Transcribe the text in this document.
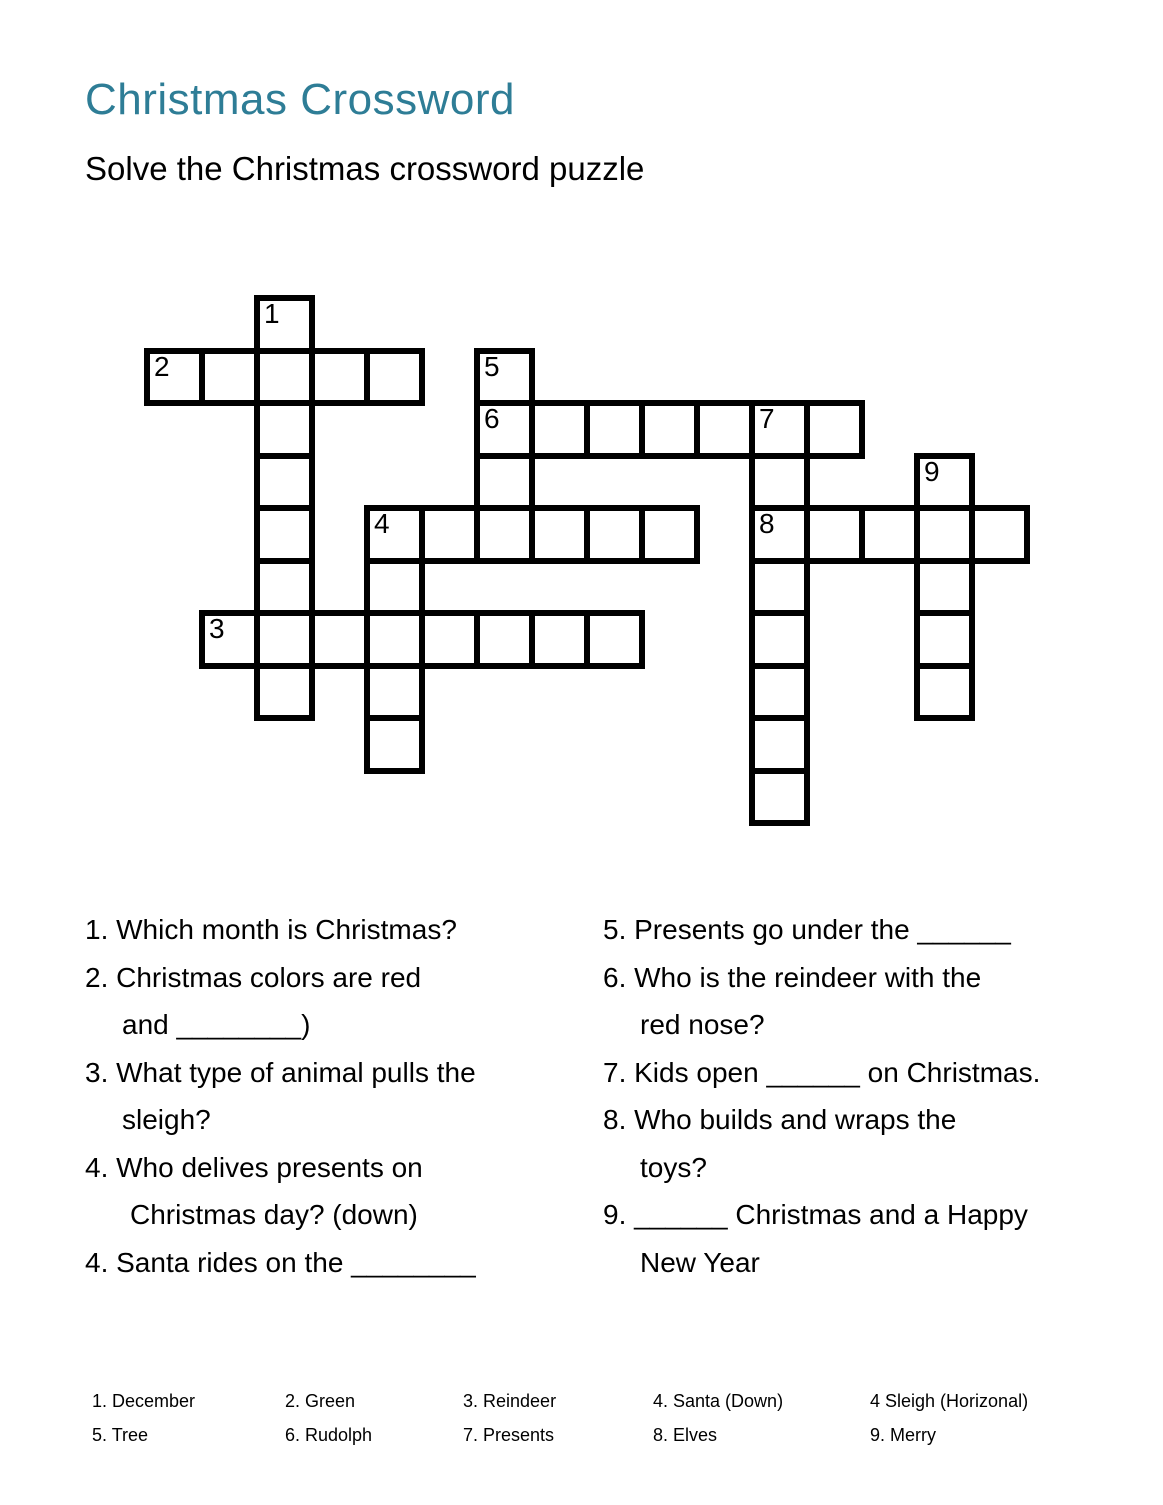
Christmas Crossword
Solve the Christmas crossword puzzle
1
2
3
4
5
6	7
8
9
1. Which month is Christmas?
2. Christmas colors are red
and ________)
3. What type of animal pulls the
sleigh?
4. Who delives presents on
Christmas day? (down)
4. Santa rides on the ________
5. Presents go under the ______
6. Who is the reindeer with the
red nose?
7. Kids open ______ on Christmas.
8. Who builds and wraps the
toys?
9. ______ Christmas and a Happy
New Year
1. December	2. Green	3. Reindeer	4. Santa (Down)	4 Sleigh (Horizonal)
5. Tree	6. Rudolph	7. Presents	8. Elves	9. Merry
